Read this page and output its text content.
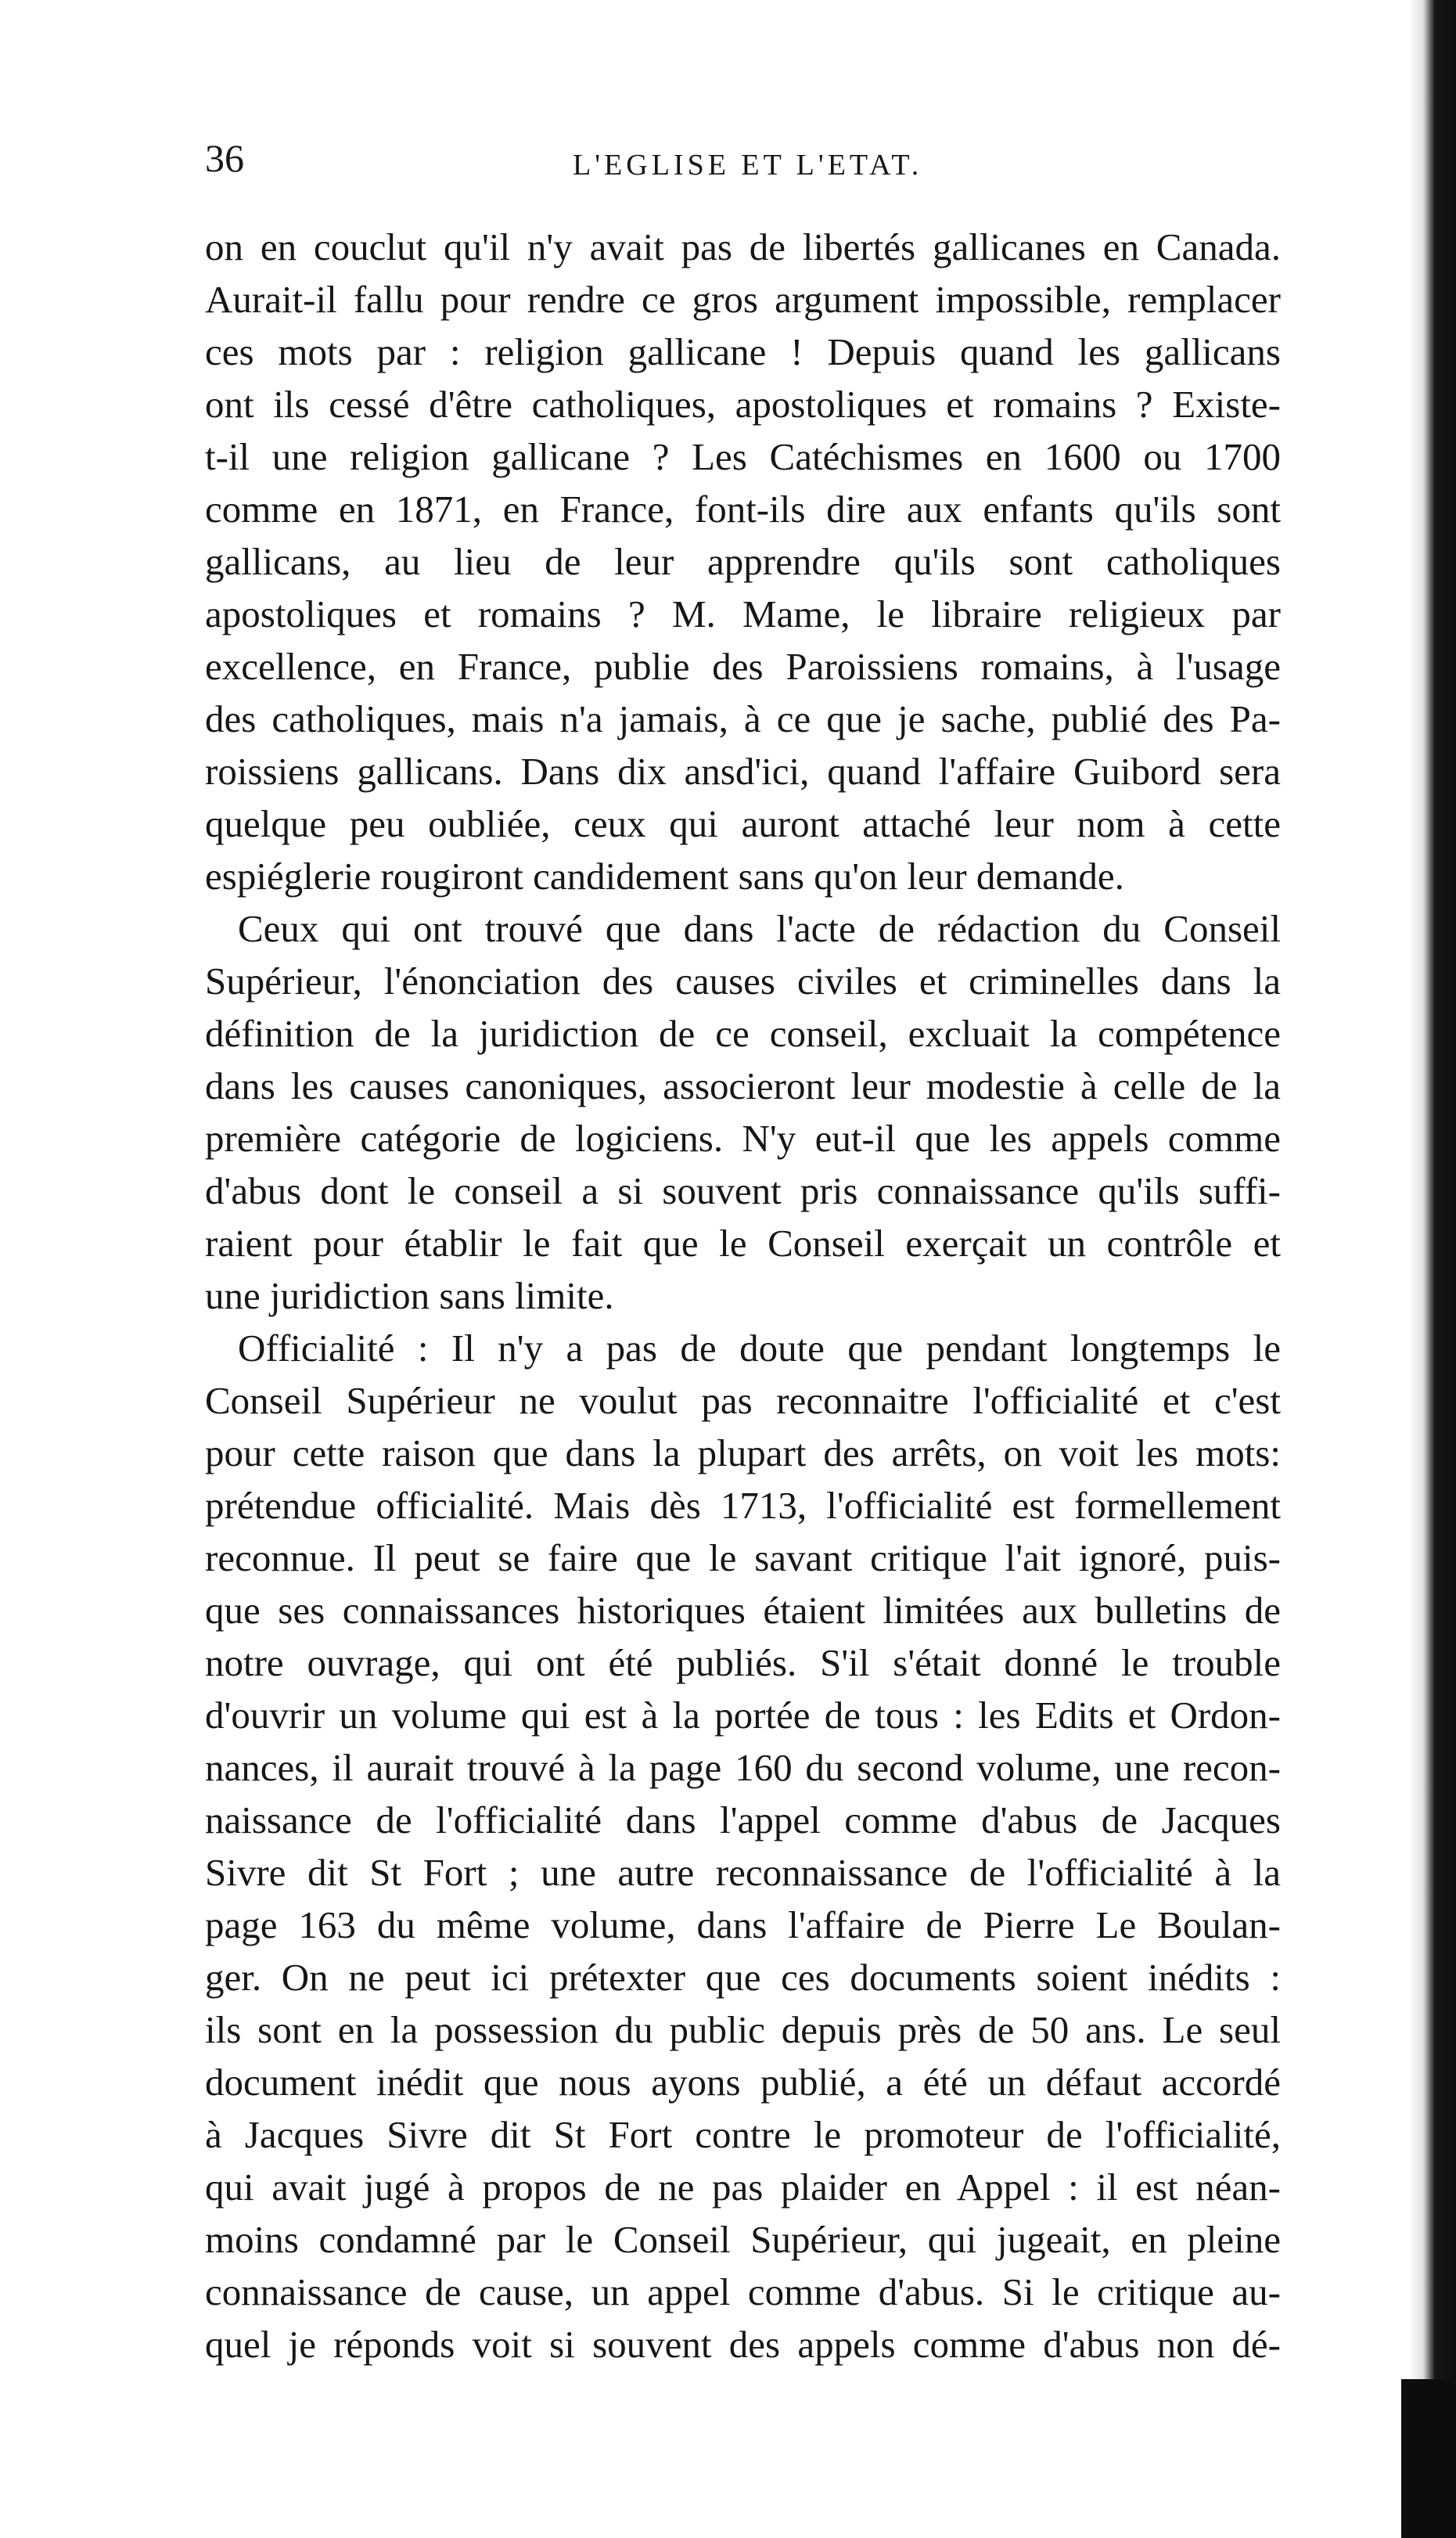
36	L'EGLISE ET L'ETAT.
on en couclut qu'il n'y avait pas de libertés gallicanes en Canada.
Aurait-il fallu pour rendre ce gros argument impossible, remplacer
ces mots par : religion gallicane ! Depuis quand les gallicans
ont ils cessé d'être catholiques, apostoliques et romains ? Existe-
t-il une religion gallicane ? Les Catéchismes en 1600 ou 1700
comme en 1871, en France, font-ils dire aux enfants qu'ils sont
gallicans, au lieu de leur apprendre qu'ils sont catholiques
apostoliques et romains ? M. Mame, le libraire religieux par
excellence, en France, publie des Paroissiens romains, à l'usage
des catholiques, mais n'a jamais, à ce que je sache, publié des Pa-
roissiens gallicans. Dans dix ansd'ici, quand l'affaire Guibord sera
quelque peu oubliée, ceux qui auront attaché leur nom à cette
espiéglerie rougiront candidement sans qu'on leur demande.
Ceux qui ont trouvé que dans l'acte de rédaction du Conseil
Supérieur, l'énonciation des causes civiles et criminelles dans la
définition de la juridiction de ce conseil, excluait la compétence
dans les causes canoniques, associeront leur modestie à celle de la
première catégorie de logiciens. N'y eut-il que les appels comme
d'abus dont le conseil a si souvent pris connaissance qu'ils suffi-
raient pour établir le fait que le Conseil exerçait un contrôle et
une juridiction sans limite.
Officialité : Il n'y a pas de doute que pendant longtemps le
Conseil Supérieur ne voulut pas reconnaitre l'officialité et c'est
pour cette raison que dans la plupart des arrêts, on voit les mots:
prétendue officialité. Mais dès 1713, l'officialité est formellement
reconnue. Il peut se faire que le savant critique l'ait ignoré, puis-
que ses connaissances historiques étaient limitées aux bulletins de
notre ouvrage, qui ont été publiés. S'il s'était donné le trouble
d'ouvrir un volume qui est à la portée de tous : les Edits et Ordon-
nances, il aurait trouvé à la page 160 du second volume, une recon-
naissance de l'officialité dans l'appel comme d'abus de Jacques
Sivre dit St Fort ; une autre reconnaissance de l'officialité à la
page 163 du même volume, dans l'affaire de Pierre Le Boulan-
ger. On ne peut ici prétexter que ces documents soient inédits :
ils sont en la possession du public depuis près de 50 ans. Le seul
document inédit que nous ayons publié, a été un défaut accordé
à Jacques Sivre dit St Fort contre le promoteur de l'officialité,
qui avait jugé à propos de ne pas plaider en Appel : il est néan-
moins condamné par le Conseil Supérieur, qui jugeait, en pleine
connaissance de cause, un appel comme d'abus. Si le critique au-
quel je réponds voit si souvent des appels comme d'abus non dé-
